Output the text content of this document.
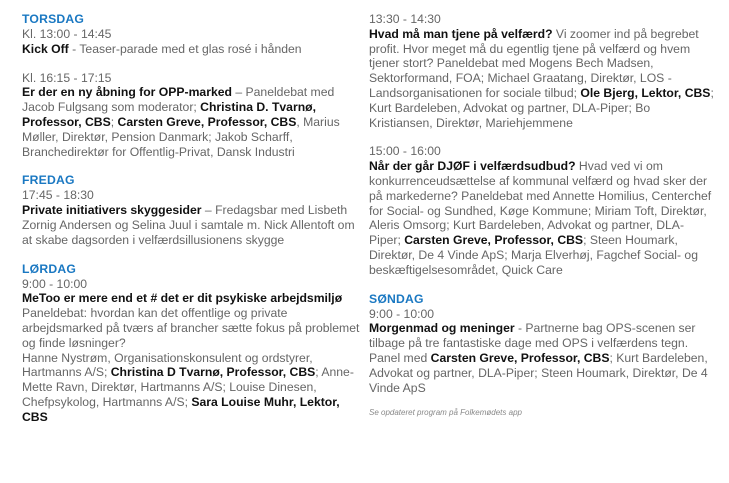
TORSDAG
Kl. 13:00 - 14:45
Kick Off - Teaser-parade med et glas rosé i hånden
Kl. 16:15 - 17:15
Er der en ny åbning for OPP-marked – Paneldebat med Jacob Fulgsang som moderator; Christina D. Tvarnø, Professor, CBS; Carsten Greve, Professor, CBS, Marius Møller, Direktør, Pension Danmark; Jakob Scharff, Branchedirektør for Offentlig-Privat, Dansk Industri
FREDAG
17:45 - 18:30
Private initiativers skyggesider – Fredagsbar med Lisbeth Zornig Andersen og Selina Juul i samtale m. Nick Allentoft om at skabe dagsorden i velfærdsillusionens skygge
LØRDAG
9:00 - 10:00
MeToo er mere end et # det er dit psykiske arbejdsmiljø
Paneldebat: hvordan kan det offentlige og private arbejdsmarked på tværs af brancher sætte fokus på problemet og finde løsninger?
Hanne Nystrøm, Organisationskonsulent og ordstyrer, Hartmanns A/S; Christina D Tvarnø, Professor, CBS; Anne-Mette Ravn, Direktør, Hartmanns A/S; Louise Dinesen, Chefpsykolog, Hartmanns A/S; Sara Louise Muhr, Lektor, CBS
13:30 - 14:30
Hvad må man tjene på velfærd? Vi zoomer ind på begrebet profit. Hvor meget må du egentlig tjene på velfærd og hvem tjener stort? Paneldebat med Mogens Bech Madsen, Sektorformand, FOA; Michael Graatang, Direktør, LOS - Landsorganisationen for sociale tilbud; Ole Bjerg, Lektor, CBS; Kurt Bardeleben, Advokat og partner, DLA-Piper; Bo Kristiansen, Direktør, Mariehjemmene
15:00 - 16:00
Når der går DJØF i velfærdsudbud? Hvad ved vi om konkurrenceudsættelse af kommunal velfærd og hvad sker der på markederne? Paneldebat med Annette Homilius, Centerchef for Social- og Sundhed, Køge Kommune; Miriam Toft, Direktør, Aleris Omsorg; Kurt Bardeleben, Advokat og partner, DLA-Piper; Carsten Greve, Professor, CBS; Steen Houmark, Direktør, De 4 Vinde ApS; Marja Elverhøj, Fagchef Social- og beskæftigelsesområdet, Quick Care
SØNDAG
9:00 - 10:00
Morgenmad og meninger - Partnerne bag OPS-scenen ser tilbage på tre fantastiske dage med OPS i velfærdens tegn. Panel med Carsten Greve, Professor, CBS; Kurt Bardeleben, Advokat og partner, DLA-Piper; Steen Houmark, Direktør, De 4 Vinde ApS
Se opdateret program på Folkemødets app
